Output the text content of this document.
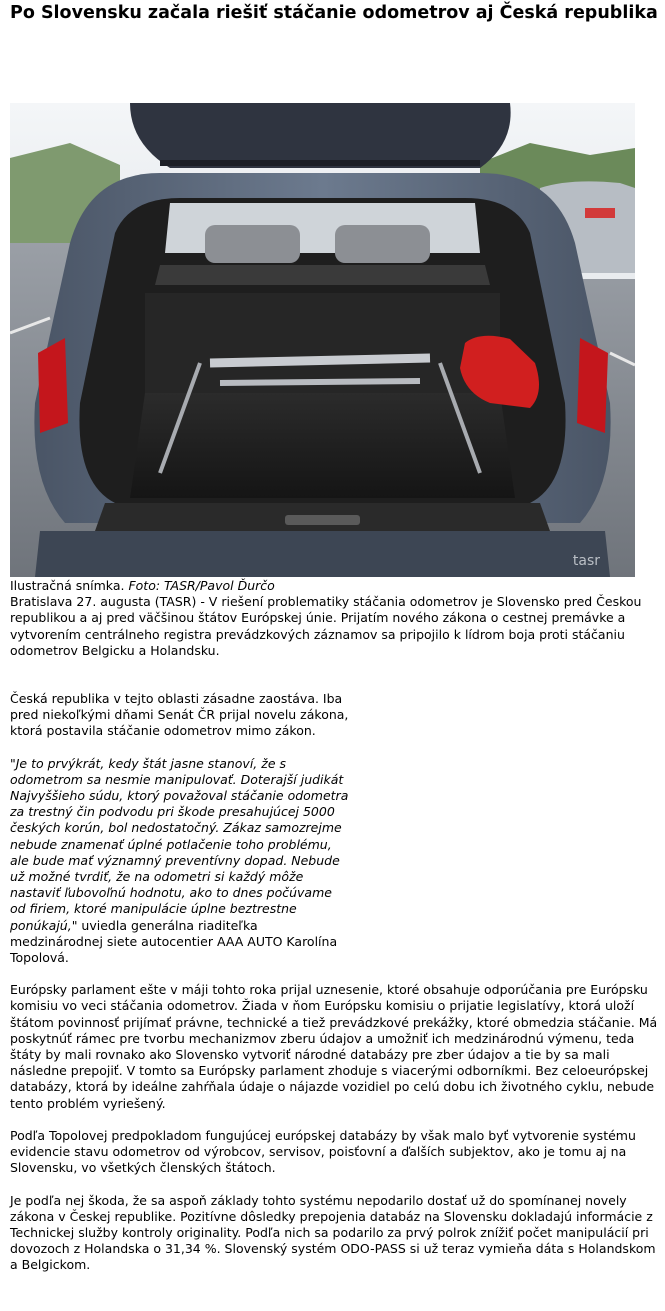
Po Slovensku začala riešiť stáčanie odometrov aj Česká republika
tasr

Ilustračná snímka. Foto: TASR/Pavol Ďurčo

Bratislava 27. augusta (TASR) - V riešení problematiky stáčania odometrov je Slovensko pred Českou republikou a aj pred väčšinou štátov Európskej únie. Prijatím nového zákona o cestnej premávke a vytvorením centrálneho registra prevádzkových záznamov sa pripojilo k lídrom boja proti stáčaniu odometrov Belgicku a Holandsku.

Česká republika v tejto oblasti zásadne zaostáva. Iba pred niekoľkými dňami Senát ČR prijal novelu zákona, ktorá postavila stáčanie odometrov mimo zákon.

"Je to prvýkrát, kedy štát jasne stanoví, že s odometrom sa nesmie manipulovať. Doterajší judikát Najvyššieho súdu, ktorý považoval stáčanie odometra za trestný čin podvodu pri škode presahujúcej 5000 českých korún, bol nedostatočný. Zákaz samozrejme nebude znamenať úplné potlačenie toho problému, ale bude mať významný preventívny dopad. Nebude už možné tvrdiť, že na odometri si každý môže nastaviť ľubovoľnú hodnotu, ako to dnes počúvame od firiem, ktoré manipulácie úplne beztrestne ponúkajú," uviedla generálna riaditeľka medzinárodnej siete autocentier AAA AUTO Karolína Topolová.

Európsky parlament ešte v máji tohto roka prijal uznesenie, ktoré obsahuje odporúčania pre Európsku komisiu vo veci stáčania odometrov. Žiada v ňom Európsku komisiu o prijatie legislatívy, ktorá uloží štátom povinnosť prijímať právne, technické a tiež prevádzkové prekážky, ktoré obmedzia stáčanie. Má poskytnúť rámec pre tvorbu mechanizmov zberu údajov a umožniť ich medzinárodnú výmenu, teda štáty by mali rovnako ako Slovensko vytvoriť národné databázy pre zber údajov a tie by sa mali následne prepojiť. V tomto sa Európsky parlament zhoduje s viacerými odborníkmi. Bez celoeurópskej databázy, ktorá by ideálne zahŕňala údaje o nájazde vozidiel po celú dobu ich životného cyklu, nebude tento problém vyriešený.

Podľa Topolovej predpokladom fungujúcej európskej databázy by však malo byť vytvorenie systému evidencie stavu odometrov od výrobcov, servisov, poisťovní a ďalších subjektov, ako je tomu aj na Slovensku, vo všetkých členských štátoch.

Je podľa nej škoda, že sa aspoň základy tohto systému nepodarilo dostať už do spomínanej novely zákona v Českej republike. Pozitívne dôsledky prepojenia databáz na Slovensku dokladajú informácie z Technickej služby kontroly originality. Podľa nich sa podarilo za prvý polrok znížiť počet manipulácií pri dovozoch z Holandska o 31,34 %. Slovenský systém ODO-PASS si už teraz vymieňa dáta s Holandskom a Belgickom.
